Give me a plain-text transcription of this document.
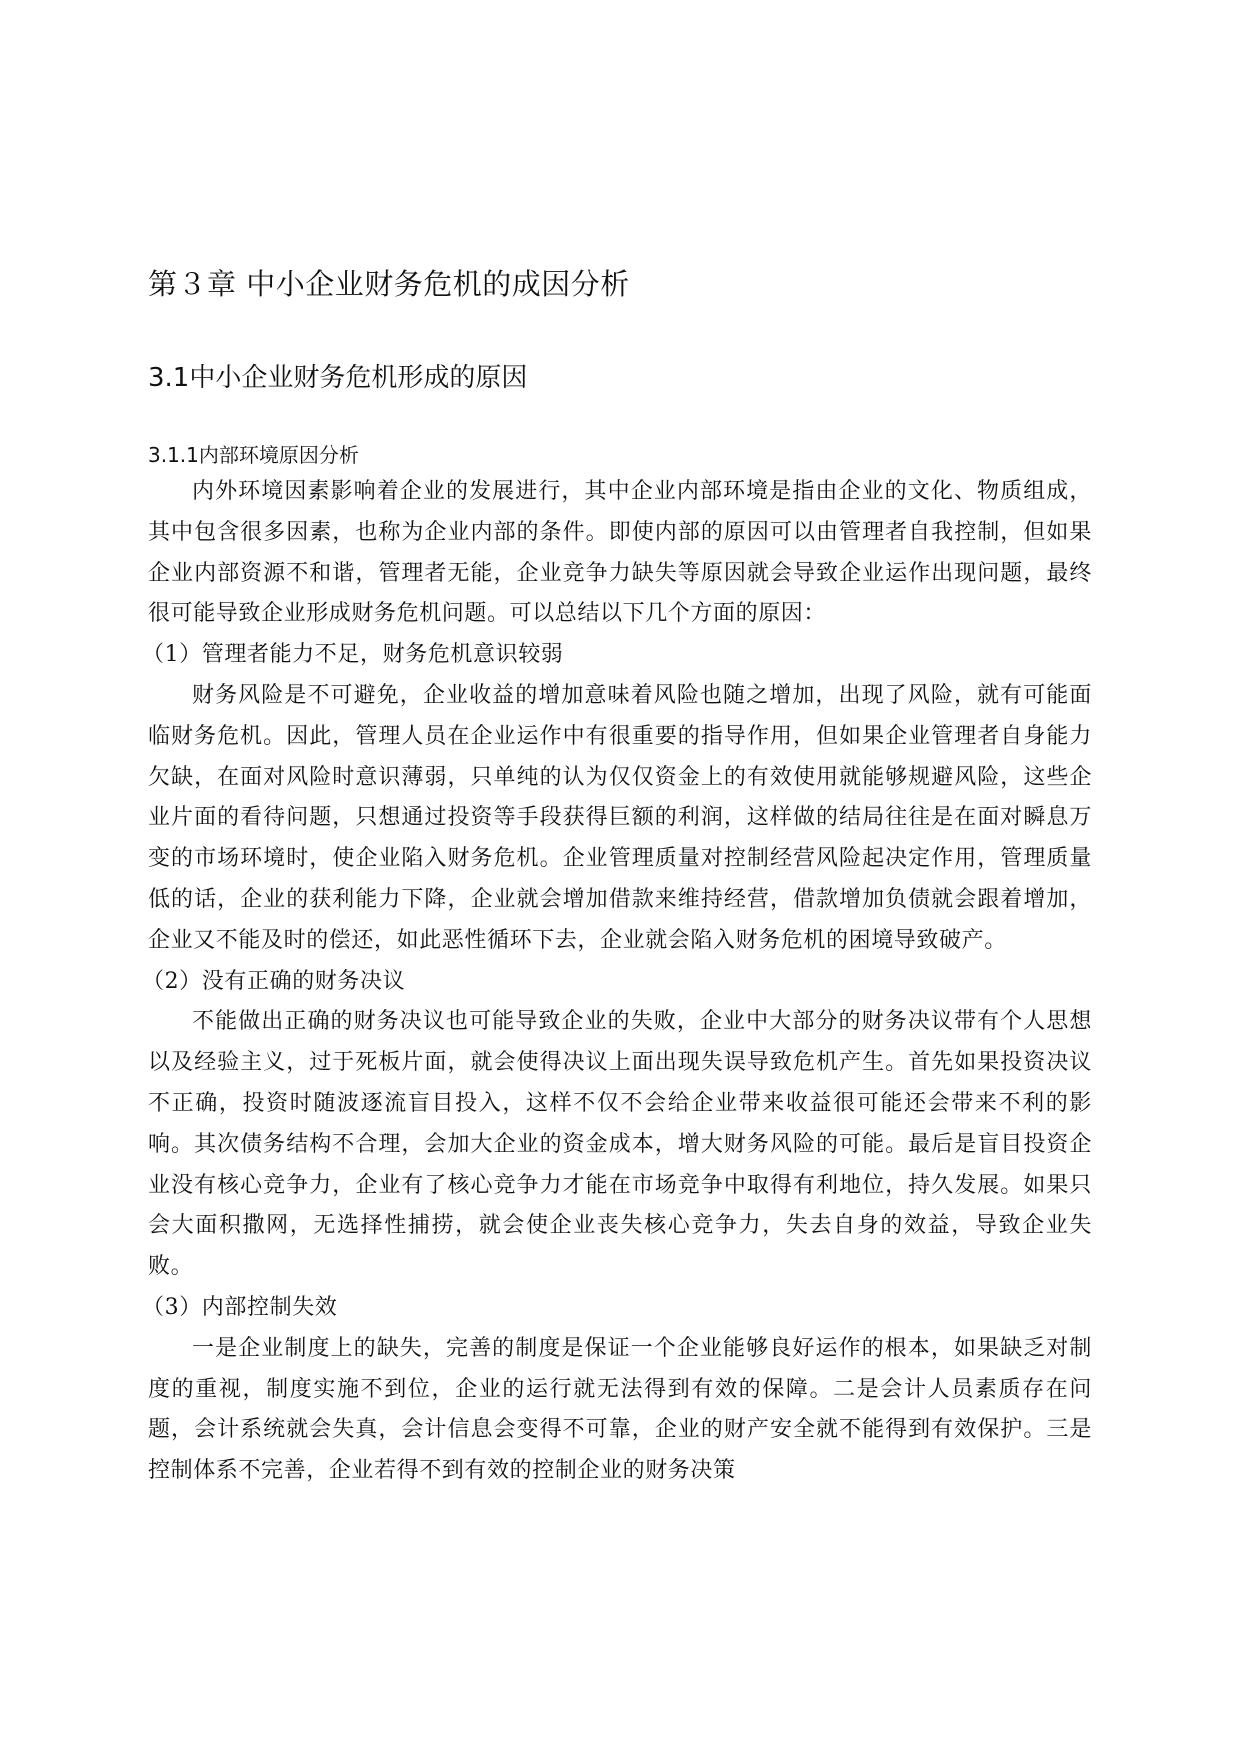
第３章 中小企业财务危机的成因分析
3.1中小企业财务危机形成的原因
3.1.1内部环境原因分析

内外环境因素影响着企业的发展进行，其中企业内部环境是指由企业的文化、物质组成，其中包含很多因素，也称为企业内部的条件。即使内部的原因可以由管理者自我控制，但如果企业内部资源不和谐，管理者无能，企业竞争力缺失等原因就会导致企业运作出现问题，最终很可能导致企业形成财务危机问题。可以总结以下几个方面的原因：

（1）管理者能力不足，财务危机意识较弱

财务风险是不可避免，企业收益的增加意味着风险也随之增加，出现了风险，就有可能面临财务危机。因此，管理人员在企业运作中有很重要的指导作用，但如果企业管理者自身能力欠缺，在面对风险时意识薄弱，只单纯的认为仅仅资金上的有效使用就能够规避风险，这些企业片面的看待问题，只想通过投资等手段获得巨额的利润，这样做的结局往往是在面对瞬息万变的市场环境时，使企业陷入财务危机。企业管理质量对控制经营风险起决定作用，管理质量低的话，企业的获利能力下降，企业就会增加借款来维持经营，借款增加负债就会跟着增加，企业又不能及时的偿还，如此恶性循环下去，企业就会陷入财务危机的困境导致破产。

（2）没有正确的财务决议

不能做出正确的财务决议也可能导致企业的失败，企业中大部分的财务决议带有个人思想以及经验主义，过于死板片面，就会使得决议上面出现失误导致危机产生。首先如果投资决议不正确，投资时随波逐流盲目投入，这样不仅不会给企业带来收益很可能还会带来不利的影响。其次债务结构不合理，会加大企业的资金成本，增大财务风险的可能。最后是盲目投资企业没有核心竞争力，企业有了核心竞争力才能在市场竞争中取得有利地位，持久发展。如果只会大面积撒网，无选择性捕捞，就会使企业丧失核心竞争力，失去自身的效益，导致企业失败。

（3）内部控制失效

一是企业制度上的缺失，完善的制度是保证一个企业能够良好运作的根本，如果缺乏对制度的重视，制度实施不到位，企业的运行就无法得到有效的保障。二是会计人员素质存在问题，会计系统就会失真，会计信息会变得不可靠，企业的财产安全就不能得到有效保护。三是控制体系不完善，企业若得不到有效的控制企业的财务决策
